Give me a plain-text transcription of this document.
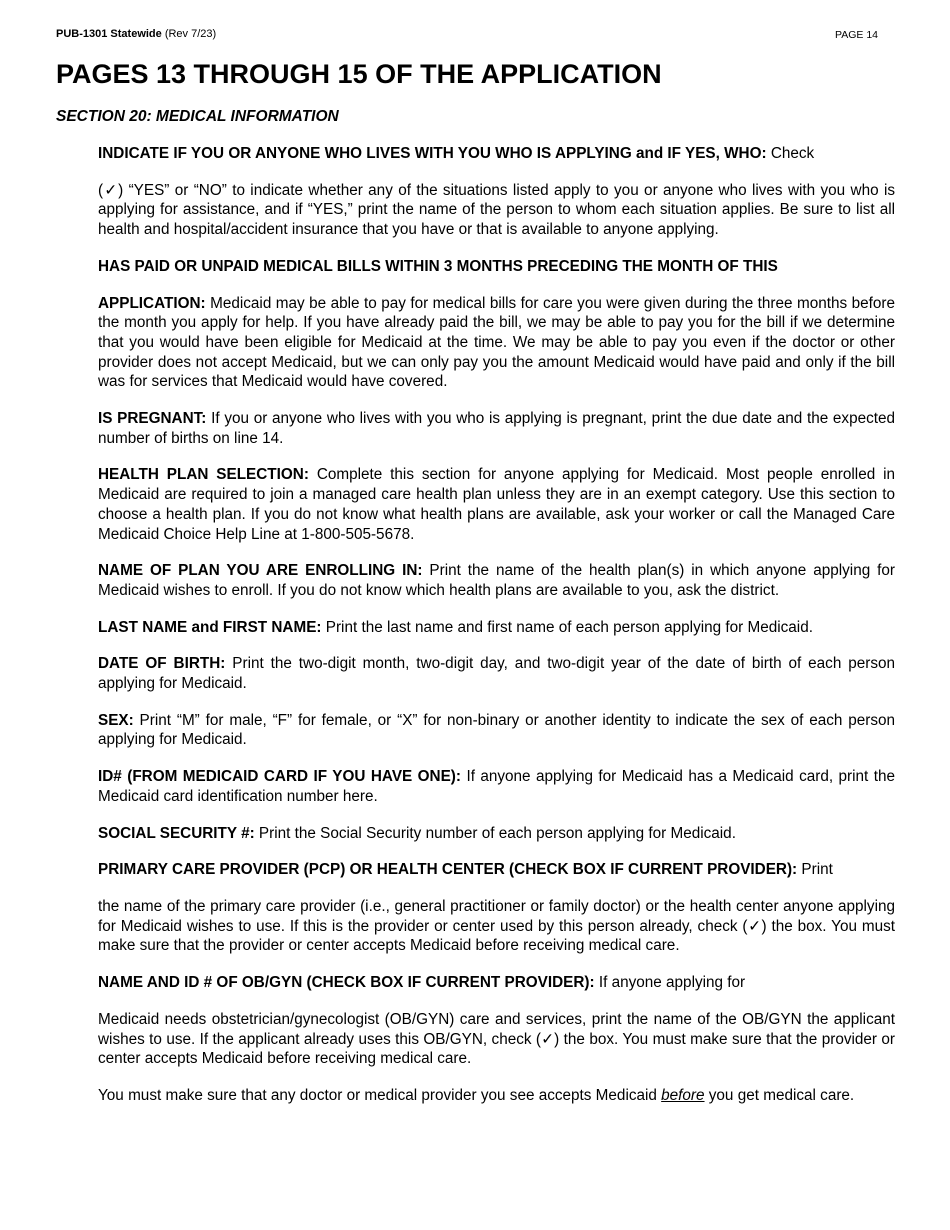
PUB-1301 Statewide (Rev 7/23)	PAGE 14
PAGES 13 THROUGH 15 OF THE APPLICATION
SECTION 20: MEDICAL INFORMATION

INDICATE IF YOU OR ANYONE WHO LIVES WITH YOU WHO IS APPLYING and IF YES, WHO: Check

(✓) “YES” or “NO” to indicate whether any of the situations listed apply to you or anyone who lives with you who is applying for assistance, and if “YES,” print the name of the person to whom each situation applies. Be sure to list all health and hospital/accident insurance that you have or that is available to anyone applying.

HAS PAID OR UNPAID MEDICAL BILLS WITHIN 3 MONTHS PRECEDING THE MONTH OF THIS

APPLICATION: Medicaid may be able to pay for medical bills for care you were given during the three months before the month you apply for help. If you have already paid the bill, we may be able to pay you for the bill if we determine that you would have been eligible for Medicaid at the time. We may be able to pay you even if the doctor or other provider does not accept Medicaid, but we can only pay you the amount Medicaid would have paid and only if the bill was for services that Medicaid would have covered.

IS PREGNANT: If you or anyone who lives with you who is applying is pregnant, print the due date and the expected number of births on line 14.

HEALTH PLAN SELECTION: Complete this section for anyone applying for Medicaid. Most people enrolled in Medicaid are required to join a managed care health plan unless they are in an exempt category. Use this section to choose a health plan. If you do not know what health plans are available, ask your worker or call the Managed Care Medicaid Choice Help Line at 1-800-505-5678.

NAME OF PLAN YOU ARE ENROLLING IN: Print the name of the health plan(s) in which anyone applying for Medicaid wishes to enroll. If you do not know which health plans are available to you, ask the district.

LAST NAME and FIRST NAME: Print the last name and first name of each person applying for Medicaid.

DATE OF BIRTH: Print the two-digit month, two-digit day, and two-digit year of the date of birth of each person applying for Medicaid.

SEX: Print “M” for male, “F” for female, or “X” for non-binary or another identity to indicate the sex of each person applying for Medicaid.

ID# (FROM MEDICAID CARD IF YOU HAVE ONE): If anyone applying for Medicaid has a Medicaid card, print the Medicaid card identification number here.

SOCIAL SECURITY #: Print the Social Security number of each person applying for Medicaid.

PRIMARY CARE PROVIDER (PCP) OR HEALTH CENTER (CHECK BOX IF CURRENT PROVIDER): Print

the name of the primary care provider (i.e., general practitioner or family doctor) or the health center anyone applying for Medicaid wishes to use. If this is the provider or center used by this person already, check (✓) the box. You must make sure that the provider or center accepts Medicaid before receiving medical care.

NAME AND ID # OF OB/GYN (CHECK BOX IF CURRENT PROVIDER): If anyone applying for

Medicaid needs obstetrician/gynecologist (OB/GYN) care and services, print the name of the OB/GYN the applicant wishes to use. If the applicant already uses this OB/GYN, check (✓) the box. You must make sure that the provider or center accepts Medicaid before receiving medical care.

You must make sure that any doctor or medical provider you see accepts Medicaid before you get medical care.
